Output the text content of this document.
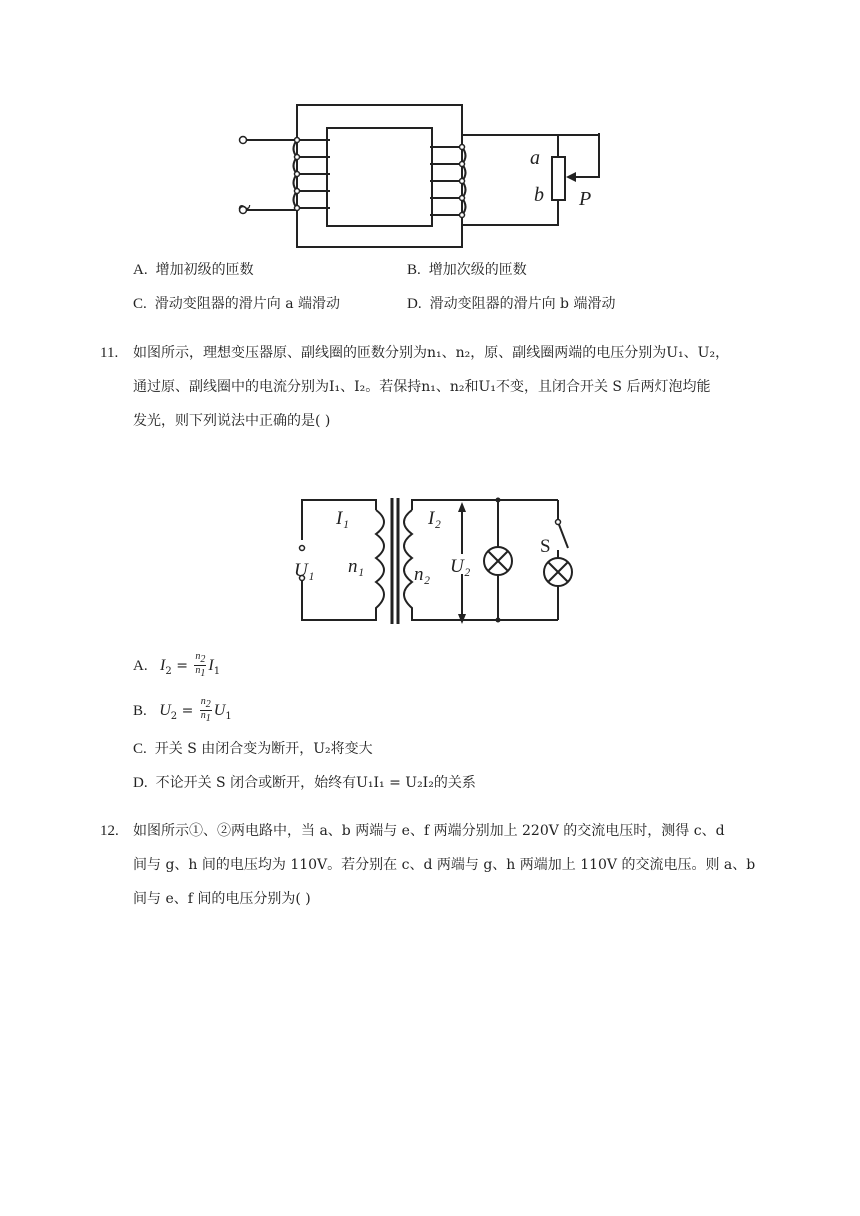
~
a
b P
A. 增加初级的匝数	B. 增加次级的匝数
C. 滑动变阻器的滑片向 a 端滑动	D. 滑动变阻器的滑片向 b 端滑动
11. 如图所示，理想变压器原、副线圈的匝数分别为n₁、n₂，原、副线圈两端的电压分别为U₁、U₂，
通过原、副线圈中的电流分别为I₁、I₂。若保持n₁、n₂和U₁不变，且闭合开关 S 后两灯泡均能
发光，则下列说法中正确的是( )
I₁
U₁ n₁
I₂
n₂ U₂
S
A. $I_2 = \frac{n_2}{n_1} I_1$
B. $U_2 = \frac{n_2}{n_1} U_1$
C. 开关 S 由闭合变为断开，U₂将变大
D. 不论开关 S 闭合或断开，始终有U₁I₁ = U₂I₂的关系
12. 如图所示①、②两电路中，当 a、b 两端与 e、f 两端分别加上 220V 的交流电压时，测得 c、d
间与 g、h 间的电压均为 110V。若分别在 c、d 两端与 g、h 两端加上 110V 的交流电压。则 a、b
间与 e、f 间的电压分别为( )
